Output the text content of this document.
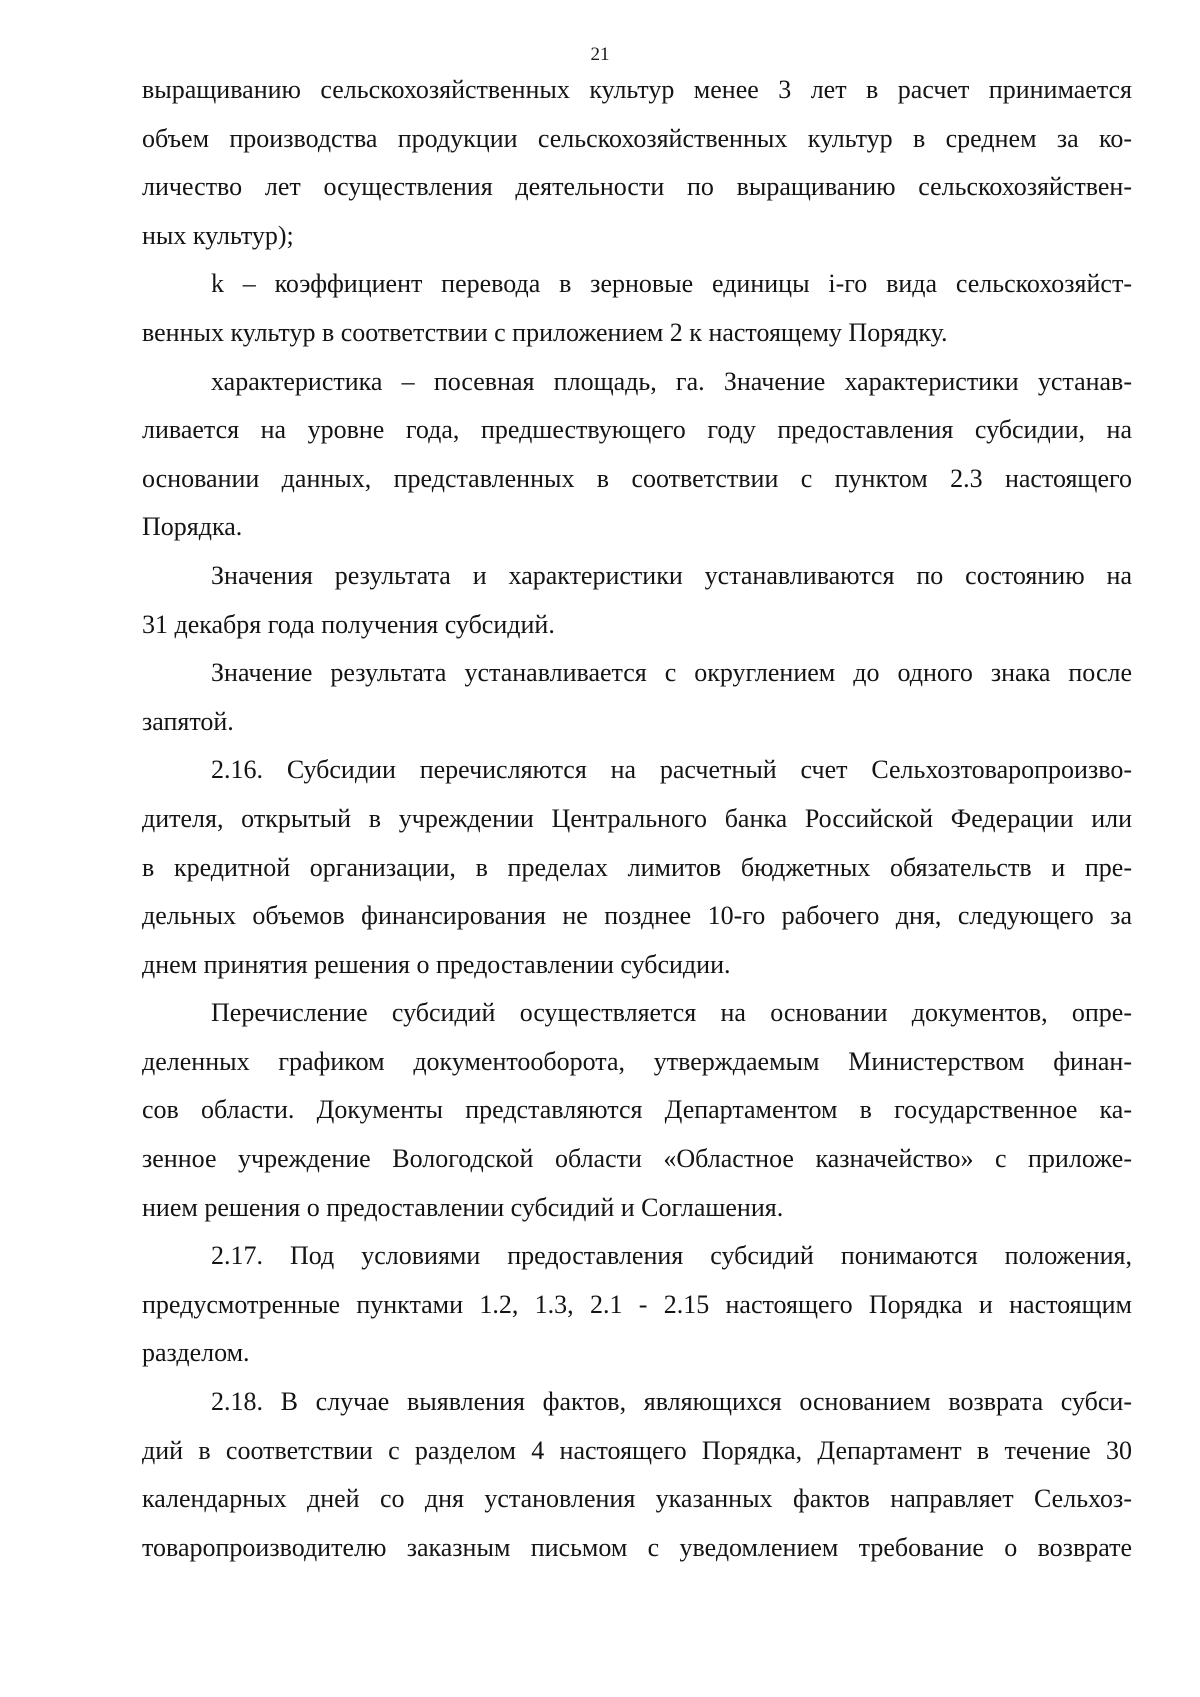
21
выращиванию сельскохозяйственных культур менее 3 лет в расчет принимается
объем производства продукции сельскохозяйственных культур в среднем за ко-
личество лет осуществления деятельности по выращиванию сельскохозяйствен-
ных культур);
k – коэффициент перевода в зерновые единицы i-го вида сельскохозяйст-
венных культур в соответствии с приложением 2 к настоящему Порядку.
характеристика – посевная площадь, га. Значение характеристики устанав-
ливается на уровне года, предшествующего году предоставления субсидии, на
основании данных, представленных в соответствии с пунктом 2.3 настоящего
Порядка.
Значения результата и характеристики устанавливаются по состоянию на
31 декабря года получения субсидий.
Значение результата устанавливается с округлением до одного знака после
запятой.
2.16. Субсидии перечисляются на расчетный счет Сельхозтоваропроизво-
дителя, открытый в учреждении Центрального банка Российской Федерации или
в кредитной организации, в пределах лимитов бюджетных обязательств и пре-
дельных объемов финансирования не позднее 10-го рабочего дня, следующего за
днем принятия решения о предоставлении субсидии.
Перечисление субсидий осуществляется на основании документов, опре-
деленных графиком документооборота, утверждаемым Министерством финан-
сов области. Документы представляются Департаментом в государственное ка-
зенное учреждение Вологодской области «Областное казначейство» с приложе-
нием решения о предоставлении субсидий и Соглашения.
2.17. Под условиями предоставления субсидий понимаются положения,
предусмотренные пунктами 1.2, 1.3, 2.1 - 2.15 настоящего Порядка и настоящим
разделом.
2.18. В случае выявления фактов, являющихся основанием возврата субси-
дий в соответствии с разделом 4 настоящего Порядка, Департамент в течение 30
календарных дней со дня установления указанных фактов направляет Сельхоз-
товаропроизводителю заказным письмом с уведомлением требование о возврате
